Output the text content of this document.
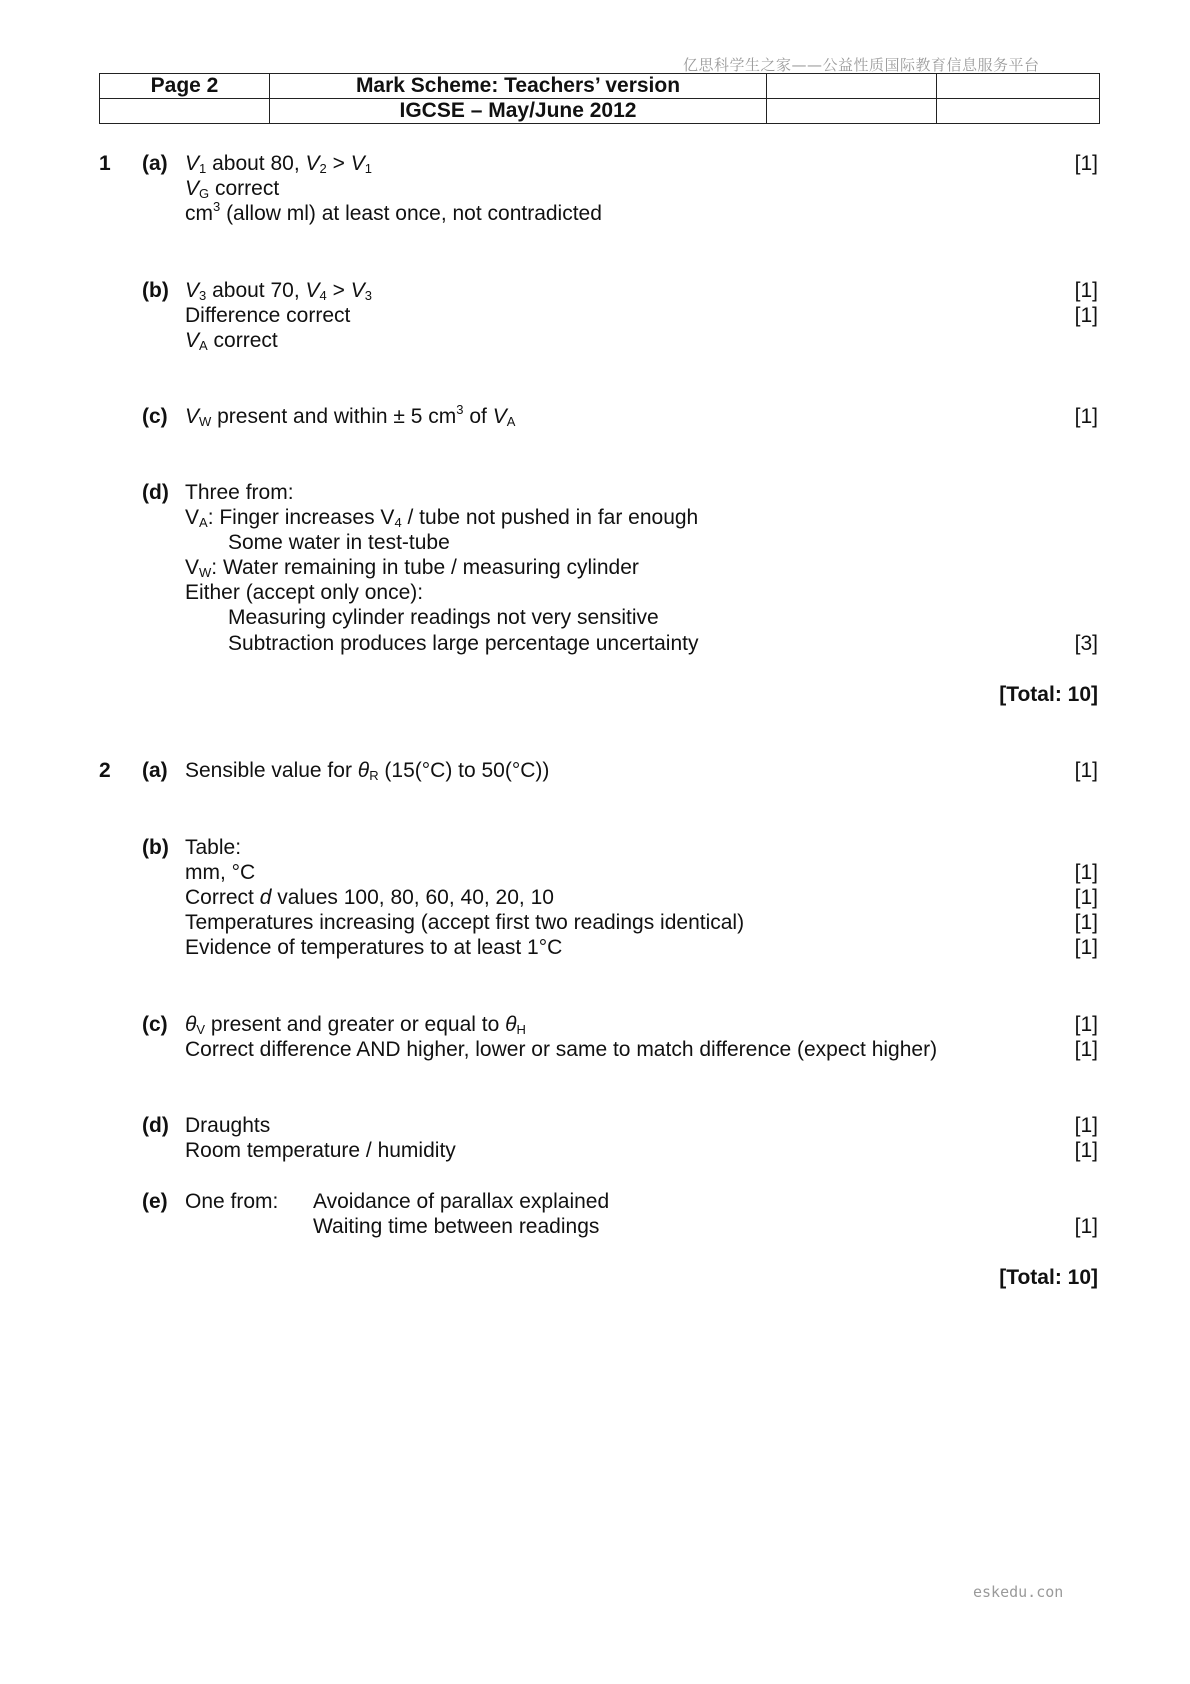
亿思科学生之家——公益性质国际教育信息服务平台
Page 2	Mark Scheme: Teachers’ version		
	IGCSE – May/June 2012		
1 (a) $V_1$ about 80, $V_2 > V_1$	[1]
$V_G$ correct
$cm^3$ (allow ml) at least once, not contradicted
(b) $V_3$ about 70, $V_4 > V_3$	[1]
Difference correct	[1]
$V_A$ correct
(c) $V_W$ present and within ± 5 $cm^3$ of $V_A$	[1]
(d) Three from:
$V_A$: Finger increases $V_4$ / tube not pushed in far enough
Some water in test-tube
$V_W$: Water remaining in tube / measuring cylinder
Either (accept only once):
Measuring cylinder readings not very sensitive
Subtraction produces large percentage uncertainty	[3]
[Total: 10]
2 (a) Sensible value for $\theta_R$ (15(°C) to 50(°C))	[1]
(b) Table:
mm, °C	[1]
Correct d values 100, 80, 60, 40, 20, 10	[1]
Temperatures increasing (accept first two readings identical)	[1]
Evidence of temperatures to at least 1°C	[1]
(c) $\theta_V$ present and greater or equal to $\theta_H$	[1]
Correct difference AND higher, lower or same to match difference (expect higher)	[1]
(d) Draughts	[1]
Room temperature / humidity	[1]
(e) One from: Avoidance of parallax explained
Waiting time between readings	[1]
[Total: 10]
eskedu.con
